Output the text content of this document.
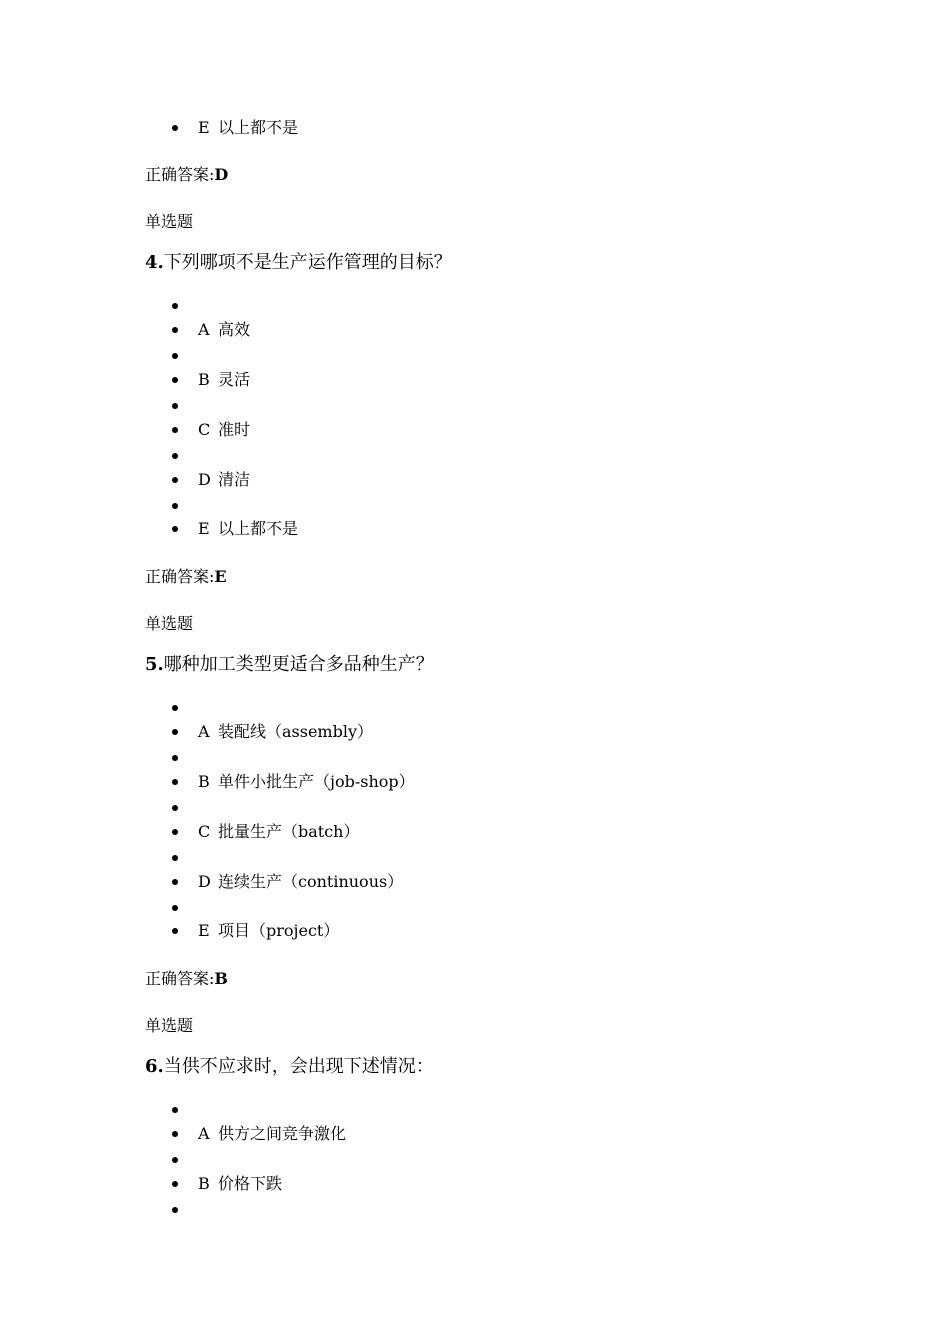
E 以上都不是
正确答案:D
单选题
4.下列哪项不是生产运作管理的目标？
A 高效
B 灵活
C 准时
D 清洁
E 以上都不是
正确答案:E
单选题
5.哪种加工类型更适合多品种生产？
A 装配线（assembly）
B 单件小批生产（job-shop）
C 批量生产（batch）
D 连续生产（continuous）
E 项目（project）
正确答案:B
单选题
6.当供不应求时，会出现下述情况：
A 供方之间竞争激化
B 价格下跌
